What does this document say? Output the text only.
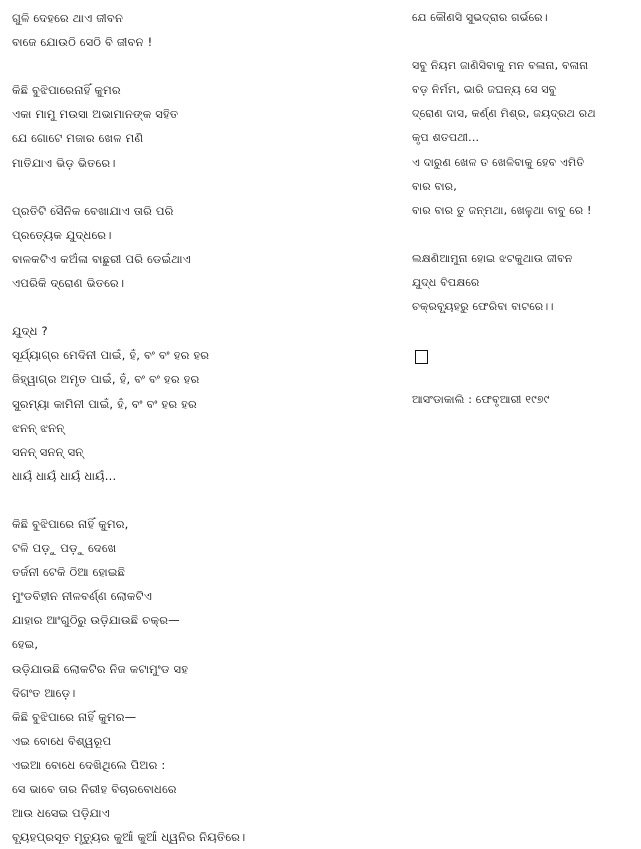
ଗୁଳି ଦେହରେ ଥାଏ ଜୀବନ
ବାଜେ ଯୋଉଠି ସେଠି ବି ଜୀବନ !
କିଛି ବୁଝିପାରେନାହିଁ କୁମର
ଏକା ମାମୁ ମଉସା ଅଭାମାନଙ୍କ ସହିତ
ଯେ ଗୋଟେ ମଜାର ଖେଳ ମଣି
ମାତିଯାଏ ଭିଡ଼ ଭିତରେ।
ପ୍ରତିଟି ସୈନିକ ବେଖାଯାଏ ତାରି ପରି
ପ୍ରତ୍ୟେକ ଯୁଦ୍ଧରେ।
ବାଳକଟିଏ କଅଁଳା ବାଛୁରୀ ପରି ଡେଇଁଥାଏ
ଏପରିକି ଦ୍ରୋଣ ଭିତରେ।
ଯୁଦ୍ଧ ?
ସୂର୍ଯ୍ୟାଗ୍ର ମେଦିନୀ ପାଇଁ, ହଁ, ବଂ ବଂ ହର ହର
ଜିହ୍ୱାଗ୍ର ଅମୃତ ପାଇଁ, ହଁ, ବଂ ବଂ ହର ହର
ସୁରମ୍ୟା କାମିନୀ ପାଇଁ, ହଁ, ବଂ ବଂ ହର ହର
ଝନନ୍ ଝନନ୍
ସନନ୍ ସନନ୍ ସନ୍
ଧାୟଁ ଧାୟଁ ଧାୟଁ ଧାୟଁ...
କିଛି ବୁଝିପାରେ ନାହିଁ କୁମର,
ଟଳି ପଡ଼ୁ ପଡ଼ୁ ଦେଖେ
ତର୍ଜନୀ ଟେକି ଠିଆ ହୋଇଛି
ମୁଂଡବିହୀନ ନୀଳବର୍ଣ୍ଣ ଲୋକଟିଏ
ଯାହାର ଆଂଗୁଠିରୁ ଉଡ଼ିଯାଉଛି ଚକ୍ର—
ହେଇ,
ଉଡ଼ିଯାଉଛି ଲୋକଟିର ନିଜ କଟାମୁଂଡ ସହ
ଦିଗଂତ ଆଡ଼େ।
କିଛି ବୁଝିପାରେ ନାହିଁ କୁମର—
ଏଇ ବୋଧେ ବିଶ୍ୱରୂପ
ଏଇଆ ବୋଧେ ଦେଖିଥିଲେ ପିଅର :
ସେ ଭାବେ ତାର ନିରୀହ ବିଚାରବୋଧରେ
ଆଉ ଧସେଇ ପଡ଼ିଯାଏ
ବ୍ୟୂହପ୍ରସୂତ ମୃତ୍ୟୁର କୁଆଁ କୁଆଁ ଧ୍ୱନିର ନିୟତିରେ।
ଯେ କୌଣସି ସୁଭଦ୍ରାର ଗର୍ଭରେ।
ସବୁ ନିୟମ ଜାଣିସିବାକୁ ମନ ବଳାନା, ବଳାନା
ବଡ଼ ନିର୍ମମ, ଭାରି ଜଘନ୍ୟ ସେ ସବୁ
ଦ୍ରୋଣ ଦାସ, କର୍ଣ୍ଣ ମିଶ୍ର, ଜୟଦ୍ରଥ ରଥ
କୃପ ଶତପଥୀ...
ଏ ଦାରୁଣ ଖେଳ ତ ଖେଳିବାକୁ ହେବ ଏମିତି
ବାର ବାର,
ବାର ବାର ତୁ ଜନ୍ମଥା, ଖେଳୁଥା ବାବୁ ରେ !
ଲକ୍ଷଣିଆମୁନା ହୋଇ ଝଟକୁଥାଉ ଜୀବନ
ଯୁଦ୍ଧ ବିପକ୍ଷରେ
ଚକ୍ରବ୍ୟୂହରୁ ଫେରିବା ବାଟରେ।।
ଆସଂଡାକାଲି : ଫେବୃଆରୀ ୧୯୭୯
